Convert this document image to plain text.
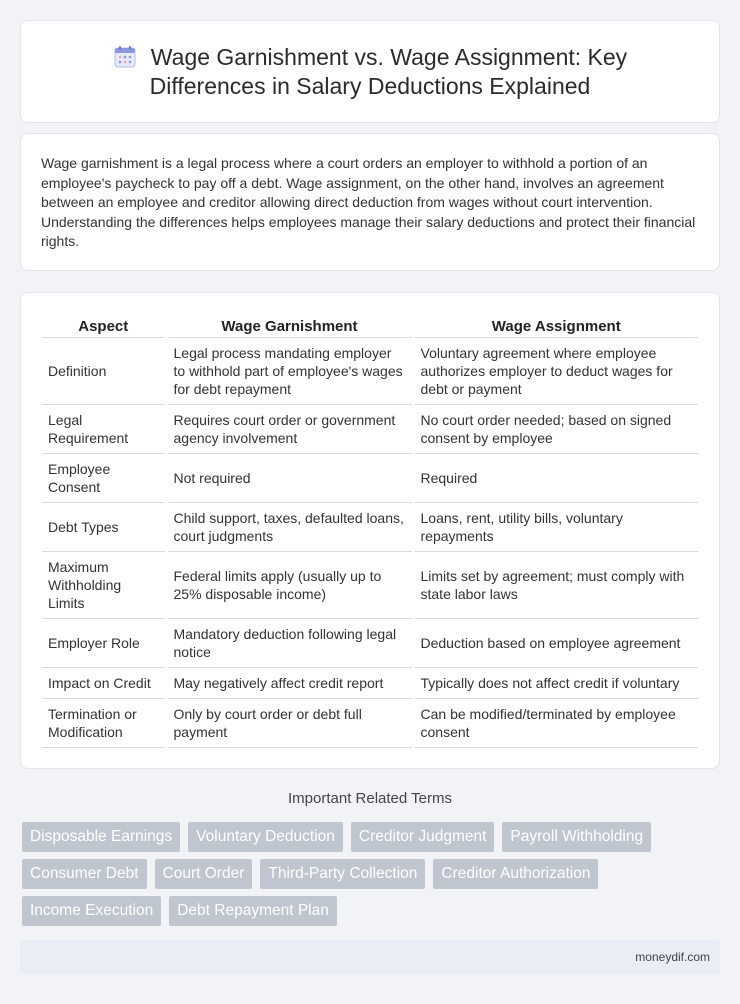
Wage Garnishment vs. Wage Assignment: Key Differences in Salary Deductions Explained

Wage garnishment is a legal process where a court orders an employer to withhold a portion of an employee's paycheck to pay off a debt. Wage assignment, on the other hand, involves an agreement between an employee and creditor allowing direct deduction from wages without court intervention. Understanding the differences helps employees manage their salary deductions and protect their financial rights.

Aspect	Wage Garnishment	Wage Assignment
Definition	Legal process mandating employer to withhold part of employee's wages for debt repayment	Voluntary agreement where employee authorizes employer to deduct wages for debt or payment
Legal Requirement	Requires court order or government agency involvement	No court order needed; based on signed consent by employee
Employee Consent	Not required	Required
Debt Types	Child support, taxes, defaulted loans, court judgments	Loans, rent, utility bills, voluntary repayments
Maximum Withholding Limits	Federal limits apply (usually up to 25% disposable income)	Limits set by agreement; must comply with state labor laws
Employer Role	Mandatory deduction following legal notice	Deduction based on employee agreement
Impact on Credit	May negatively affect credit report	Typically does not affect credit if voluntary
Termination or Modification	Only by court order or debt full payment	Can be modified/terminated by employee consent
Important Related Terms
Disposable Earnings	Voluntary Deduction	Creditor Judgment	Payroll Withholding
Consumer Debt	Court Order	Third-Party Collection	Creditor Authorization
Income Execution	Debt Repayment Plan
moneydif.com
